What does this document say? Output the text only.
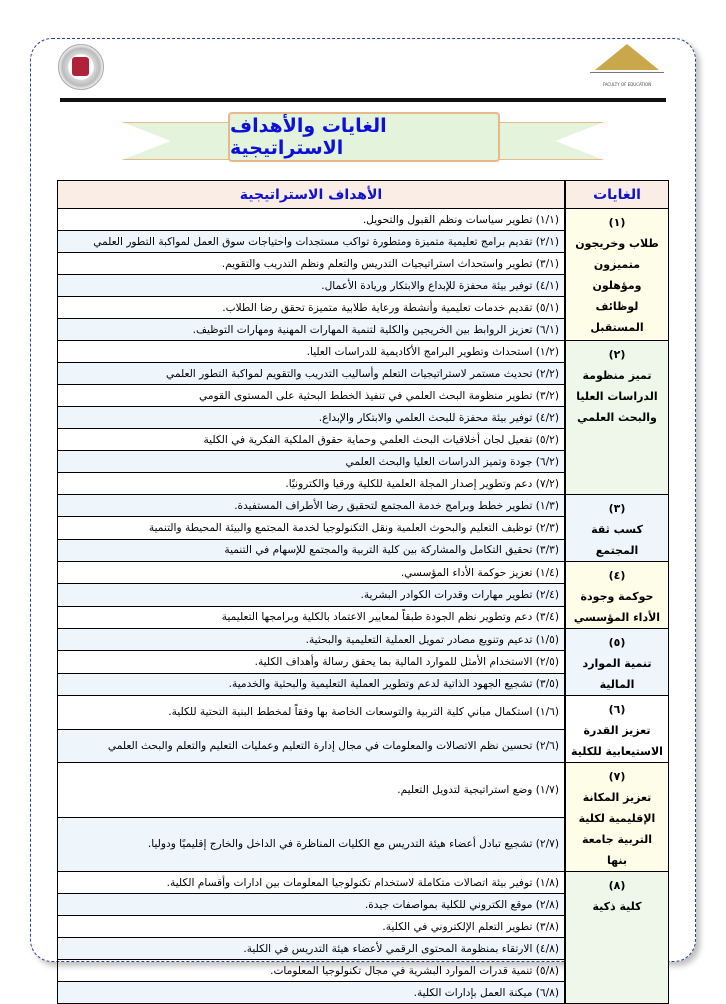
FACULTY OF EDUCATION
الغايات والأهداف الاستراتيجية
الغايات	الأهداف الاستراتيجية

(١)
طلاب وخريجون متميزون ومؤهلون لوظائف المستقبل	(١/١) تطوير سياسات ونظم القبول والتحويل.
	(٢/١) تقديم برامج تعليمية متميزة ومتطورة تواكب مستجدات واحتياجات سوق العمل لمواكبة التطور العلمي
	(٣/١) تطوير واستحداث استراتيجيات التدريس والتعلم ونظم التدريب والتقويم.
	(٤/١) توفير بيئة محفزة للإبداع والابتكار وريادة الأعمال.
	(٥/١) تقديم خدمات تعليمية وأنشطة ورعاية طلابية متميزة تحقق رضا الطلاب.
	(٦/١) تعزيز الروابط بين الخريجين والكلية لتنمية المهارات المهنية ومهارات التوظيف.

(٢)
تميز منظومة الدراسات العليا والبحث العلمي	(١/٢) استحداث وتطوير البرامج الأكاديمية للدراسات العليا.
	(٢/٢) تحديث مستمر لاستراتيجيات التعلم وأساليب التدريب والتقويم لمواكبة التطور العلمي
	(٣/٢) تطوير منظومة البحث العلمي في تنفيذ الخطط البحثية على المستوى القومي
	(٤/٢) توفير بيئة محفزة للبحث العلمي والابتكار والإبداع.
	(٥/٢) تفعيل لجان أخلاقيات البحث العلمي وحماية حقوق الملكية الفكرية في الكلية
	(٦/٢) جودة وتميز الدراسات العليا والبحث العلمي
	(٧/٢) دعم وتطوير إصدار المجلة العلمية للكلية ورقيا والكترونيًا.

(٣)
كسب ثقة المجتمع	(١/٣) تطوير خطط وبرامج خدمة المجتمع لتحقيق رضا الأطراف المستفيدة.
	(٢/٣) توظيف التعليم والبحوث العلمية ونقل التكنولوجيا لخدمة المجتمع والبيئة المحيطة والتنمية
	(٣/٣) تحقيق التكامل والمشاركة بين كلية التربية والمجتمع للإسهام في التنمية

(٤)
حوكمة وجودة الأداء المؤسسي	(١/٤) تعزيز حوكمة الأداء المؤسسي.
	(٢/٤) تطوير مهارات وقدرات الكوادر البشرية.
	(٣/٤) دعم وتطوير نظم الجودة طبقاً لمعايير الاعتماد بالكلية وبرامجها التعليمية

(٥)
تنمية الموارد المالية	(١/٥) تدعيم وتنويع مصادر تمويل العملية التعليمية والبحثية.
	(٢/٥) الاستخدام الأمثل للموارد المالية بما يحقق رسالة وأهداف الكلية.
	(٣/٥) تشجيع الجهود الذاتية لدعم وتطوير العملية التعليمية والبحثية والخدمية.

(٦)
تعزيز القدرة الاستيعابية للكلية	(١/٦) استكمال مباني كلية التربية والتوسعات الخاصة بها وفقاً لمخطط البنية التحتية للكلية.
	(٢/٦) تحسين نظم الاتصالات والمعلومات في مجال إدارة التعليم وعمليات التعليم والتعلم والبحث العلمي

(٧)
تعزيز المكانة الإقليمية لكلية التربية جامعة بنها	(١/٧) وضع استراتيجية لتدويل التعليم.
	(٢/٧) تشجيع تبادل أعضاء هيئة التدريس مع الكليات المناظرة في الداخل والخارج إقليميًا ودوليا.

(٨)
كلية ذكية	(١/٨) توفير بيئة اتصالات متكاملة لاستخدام تكنولوجيا المعلومات بين ادارات وأقسام الكلية.
	(٢/٨) موقع الكتروني للكلية بمواصفات جيدة.
	(٣/٨) تطوير التعلم الإلكتروني في الكلية.
	(٤/٨) الارتقاء بمنظومة المحتوى الرقمي لأعضاء هيئة التدريس في الكلية.
	(٥/٨) تنمية قدرات الموارد البشرية في مجال تكنولوجيا المعلومات.
	(٦/٨) ميكنة العمل بإدارات الكلية.
